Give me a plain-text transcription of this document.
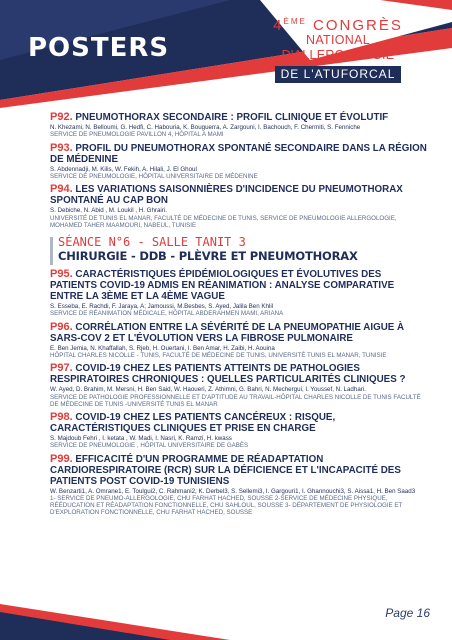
POSTERS
4ÈME CONGRÈS
NATIONAL D'ALLERGOLOGIE
DE L'ATUFORCAL
P92. PNEUMOTHORAX SECONDAIRE : PROFIL CLINIQUE ET ÉVOLUTIF
N. Khezami, N. Belloumi, G. Hedfi, C. Habouria, K. Bouguerra, A. Zargouni, I. Bachouch, F. Chermiti, S. Fenniche
SERVICE DE PNEUMOLOGIE PAVILLON 4, HÔPITAL A MAMI
P93. PROFIL DU PNEUMOTHORAX SPONTANÉ SECONDAIRE DANS LA RÉGION DE MÉDENINE
S. Abdennadji, M. Kilis, W. Fekih, A. Hilali, J. El Ghoul
SERVICE DE PNEUMOLOGIE, HÔPITAL UNIVERSITAIRE DE MÉDENINE
P94. LES VARIATIONS SAISONNIÈRES D'INCIDENCE DU PNEUMOTHORAX SPONTANÉ AU CAP BON
S. Debiche, N. Abid , M. Loukil , H. Ghrairi.
UNIVERSITÉ DE TUNIS EL MANAR, FACULTÉ DE MÉDECINE DE TUNIS, SERVICE DE PNEUMOLOGIE ALLERGOLOGIE, MOHAMED TAHER MAAMOURI, NABEUL, TUNISIE
SÉANCE N°6 - SALLE TANIT 3
CHIRURGIE - DDB - PLÈVRE ET PNEUMOTHORAX
P95. CARACTÉRISTIQUES ÉPIDÉMIOLOGIQUES ET ÉVOLUTIVES DES PATIENTS COVID-19 ADMIS EN RÉANIMATION : ANALYSE COMPARATIVE ENTRE LA 3ÈME ET LA 4ÈME VAGUE
S. Esseba, E. Rachdi, F. Jaraya, A; Jamoussi, M.Besbes, S. Ayed, Jalila Ben Khlil
SERVICE DE RÉANIMATION MÉDICALE, HÔPITAL ABDERAHMEN MAMI, ARIANA
P96. CORRÉLATION ENTRE LA SÉVÉRITÉ DE LA PNEUMOPATHIE AIGUE À SARS-COV 2 ET L'ÉVOLUTION VERS LA FIBROSE PULMONAIRE
E. Ben Jemia, N. Khaffallah, S. Rjeb, H. Ouertani, I. Ben Amar, H. Zaibi, H. Aouina
HÔPITAL CHARLES NICOLLE - TUNIS, FACULTÉ DE MÉDECINE DE TUNIS, UNIVERSITÉ TUNIS EL MANAR, TUNISIE
P97. COVID-19 CHEZ LES PATIENTS ATTEINTS DE PATHOLOGIES RESPIRATOIRES CHRONIQUES : QUELLES PARTICULARITÉS CLINIQUES ?
W. Ayed, D. Brahim, M. Mersni, H. Ben Said, W. Haoueri, Z. Athimni, G. Bahri, N. Mechergui, I. Youssef, N. Ladhari.
SERVICE DE PATHOLOGIE PROFESSIONNELLE ET D'APTITUDE AU TRAVAIL-HÔPITAL CHARLES NICOLLE DE TUNIS FACULTÉ DE MÉDECINE DE TUNIS -UNIVERSITÉ TUNIS EL MANAR
P98. COVID-19 CHEZ LES PATIENTS CANCÉREUX : RISQUE, CARACTÉRISTIQUES CLINIQUES ET PRISE EN CHARGE
S. Majdoub Fehri , I. ketata , W. Madi, I. Nasri, K. Ramzi, H. kwass
SERVICE DE PNEUMOLOGIE , HÔPITAL UNIVERSITAIRE DE GABÈS
P99. EFFICACITÉ D'UN PROGRAMME DE RÉADAPTATION CARDIORESPIRATOIRE (RCR) SUR LA DÉFICIENCE ET L'INCAPACITÉ DES PATIENTS POST COVID-19 TUNISIENS
W. Benzarti1, A. Omrane1, E. Toulgui2, C. Rahmani2, K. Derbel3, S. Sellemi3, I. Gargouri1, I. Ghannouchi3, S. Aissa1, H. Ben Saad3
1- SERVICE DE PNEUMO-ALLERGOLOGIE, CHU FARHAT HACHED, SOUSSE 2-SERVICE DE MÉDECINE PHYSIQUE, RÉÉDUCATION ET RÉADAPTATION FONCTIONNELLE, CHU SAHLOUL, SOUSSE 3- DÉPARTEMENT DE PHYSIOLOGIE ET D'EXPLORATION FONCTIONNELLE, CHU FARHAT HACHED, SOUSSE
Page 16
